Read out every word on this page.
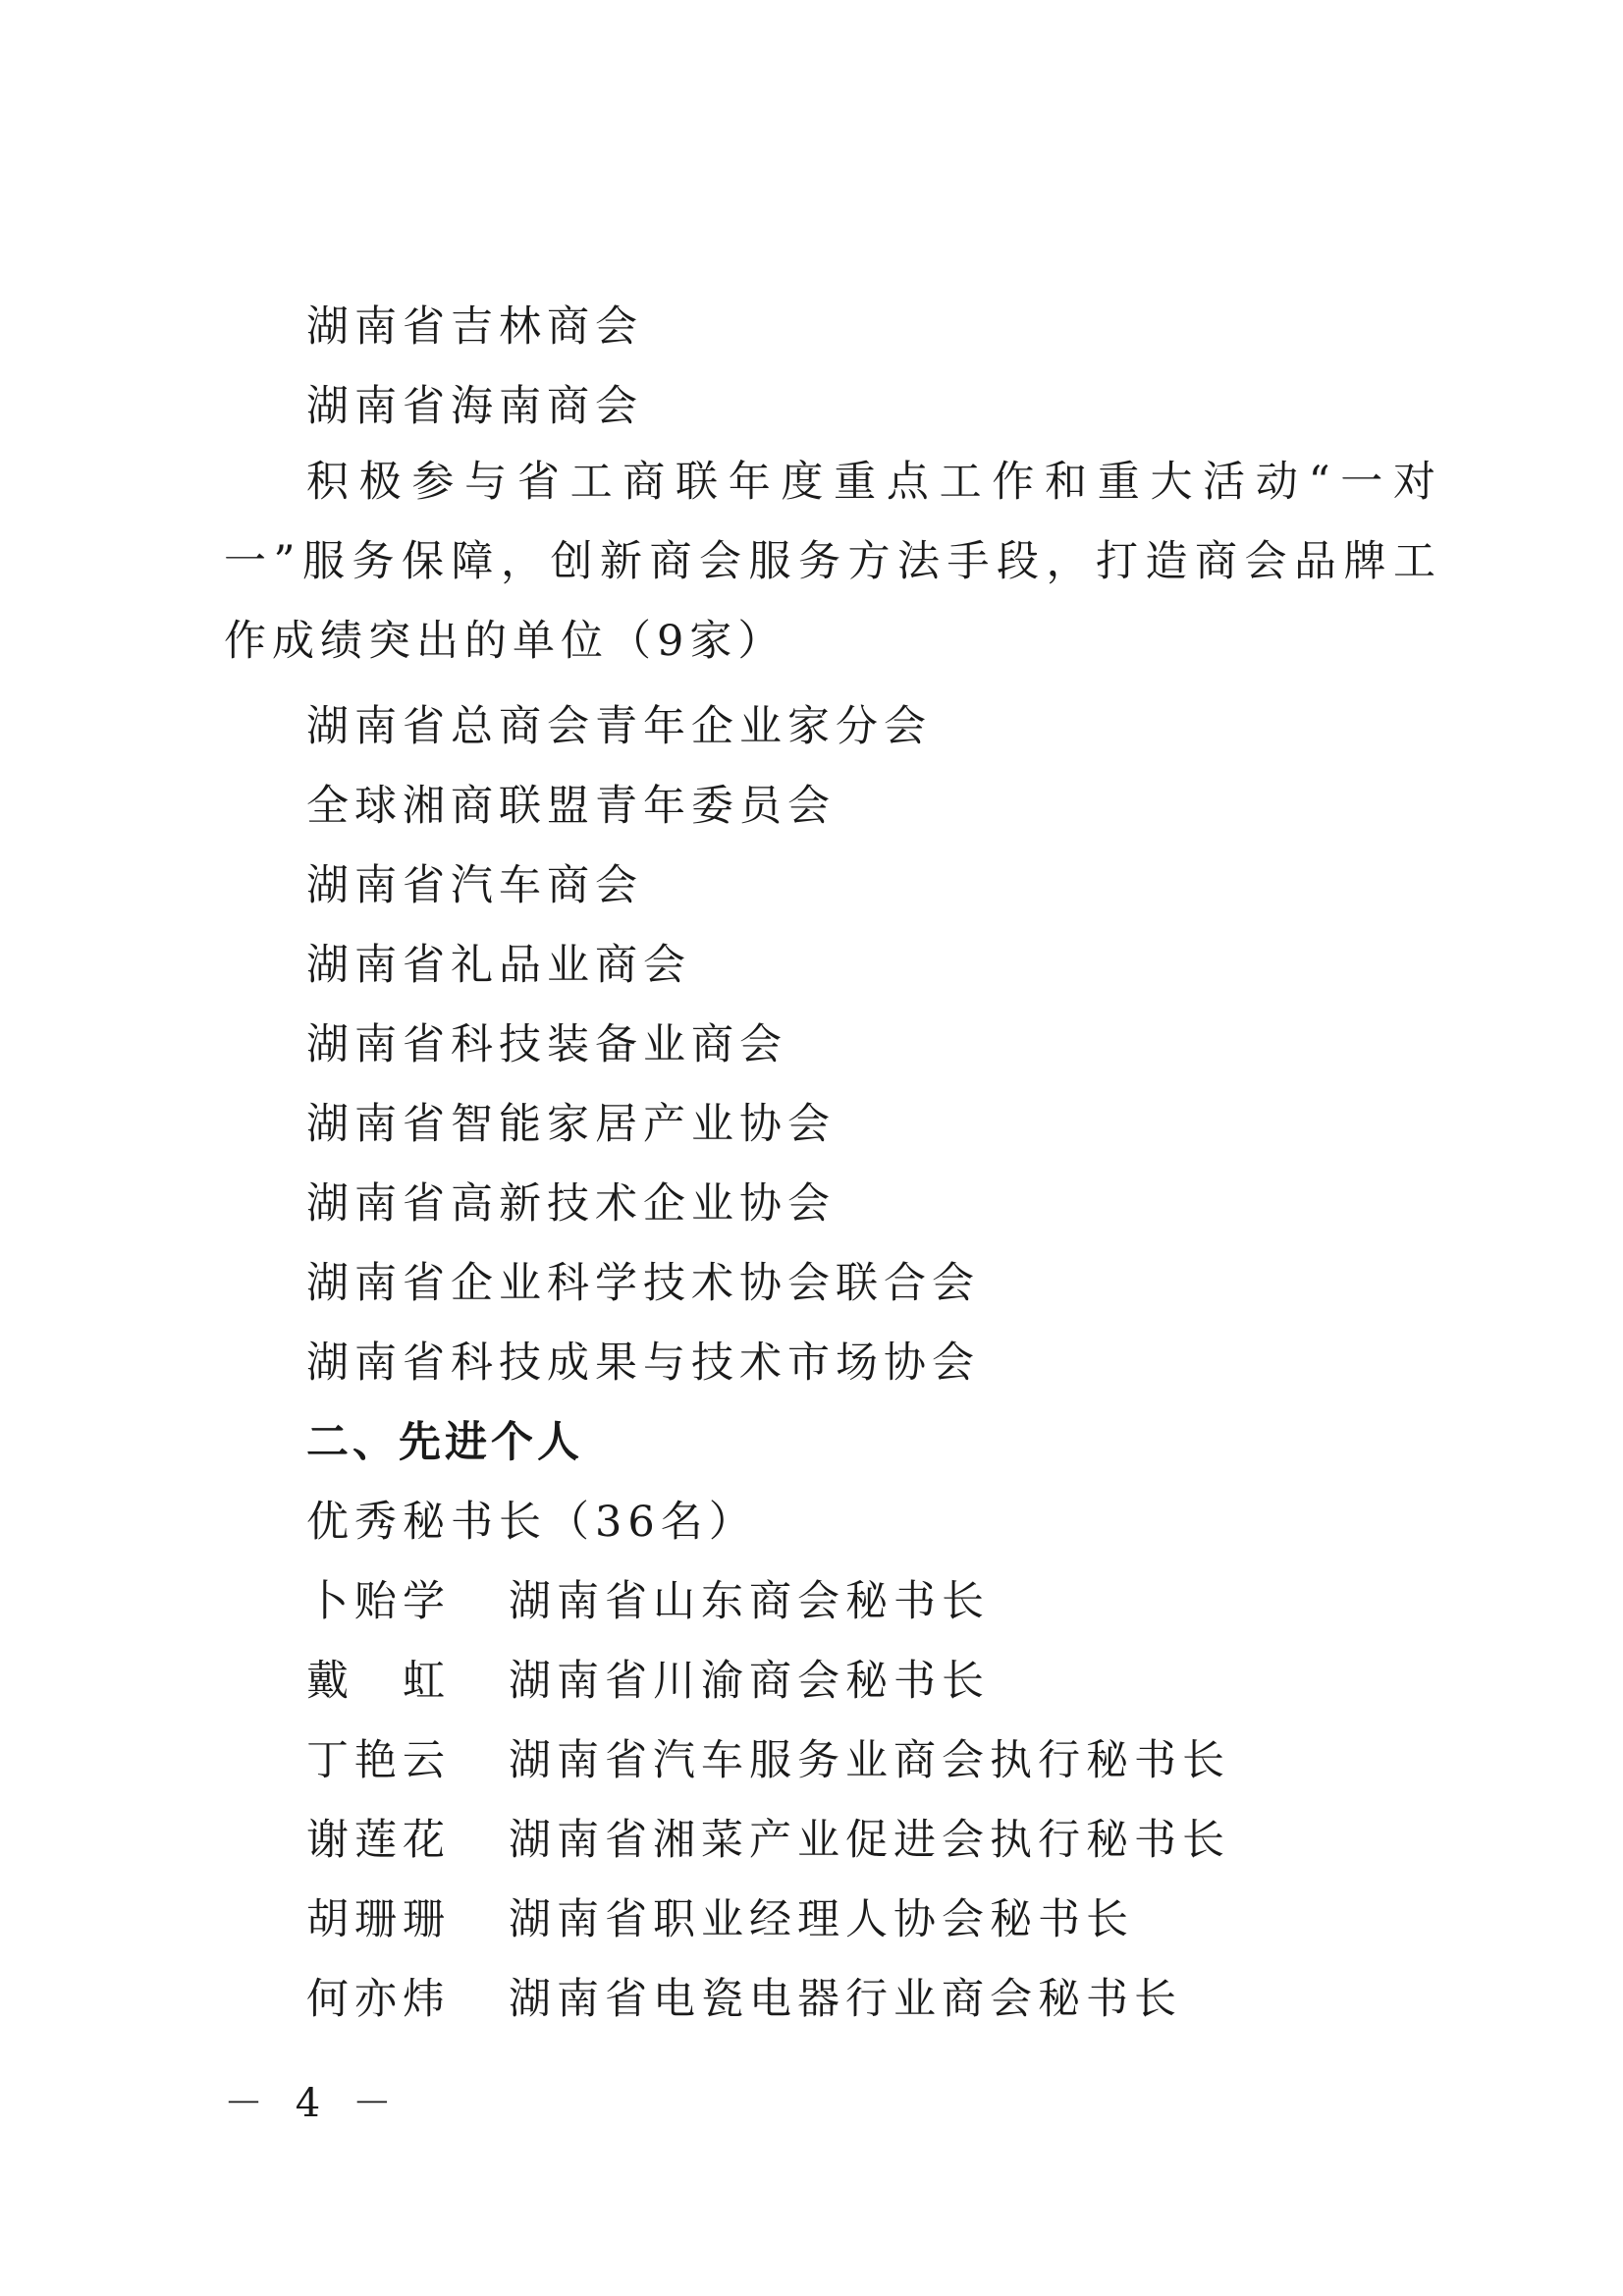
湖南省吉林商会
湖南省海南商会
积极参与省工商联年度重点工作和重大活动“一对一”服务保障，创新商会服务方法手段，打造商会品牌工作成绩突出的单位（9家）
湖南省总商会青年企业家分会
全球湘商联盟青年委员会
湖南省汽车商会
湖南省礼品业商会
湖南省科技装备业商会
湖南省智能家居产业协会
湖南省高新技术企业协会
湖南省企业科学技术协会联合会
湖南省科技成果与技术市场协会
二、先进个人
优秀秘书长（36名）
卜贻学	湖南省山东商会秘书长
戴　虹	湖南省川渝商会秘书长
丁艳云	湖南省汽车服务业商会执行秘书长
谢莲花	湖南省湘菜产业促进会执行秘书长
胡珊珊	湖南省职业经理人协会秘书长
何亦炜	湖南省电瓷电器行业商会秘书长
－ 4 －
